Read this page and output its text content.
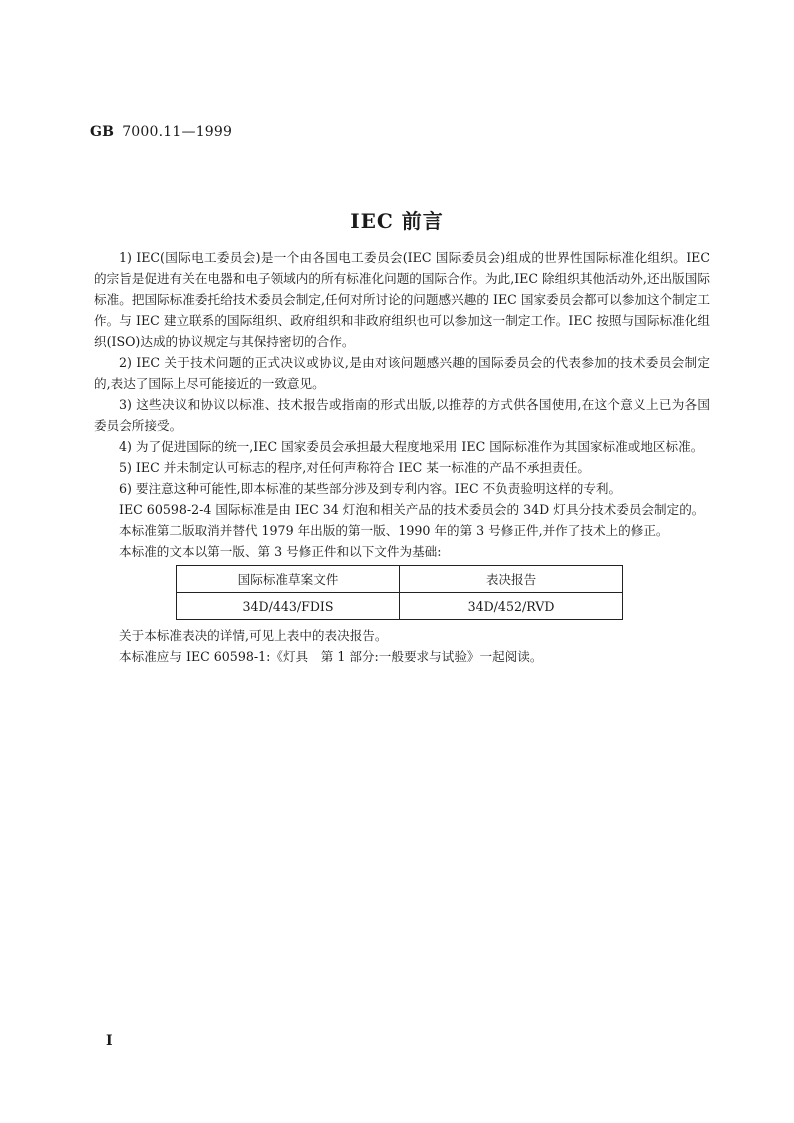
GB 7000.11—1999
IEC 前言

1) IEC(国际电工委员会)是一个由各国电工委员会(IEC 国际委员会)组成的世界性国际标准化组织。IEC 的宗旨是促进有关在电器和电子领域内的所有标准化问题的国际合作。为此,IEC 除组织其他活动外,还出版国际标准。把国际标准委托给技术委员会制定,任何对所讨论的问题感兴趣的 IEC 国家委员会都可以参加这个制定工作。与 IEC 建立联系的国际组织、政府组织和非政府组织也可以参加这一制定工作。IEC 按照与国际标准化组织(ISO)达成的协议规定与其保持密切的合作。

2) IEC 关于技术问题的正式决议或协议,是由对该问题感兴趣的国际委员会的代表参加的技术委员会制定的,表达了国际上尽可能接近的一致意见。

3) 这些决议和协议以标准、技术报告或指南的形式出版,以推荐的方式供各国使用,在这个意义上已为各国委员会所接受。

4) 为了促进国际的统一,IEC 国家委员会承担最大程度地采用 IEC 国际标准作为其国家标准或地区标准。

5) IEC 并未制定认可标志的程序,对任何声称符合 IEC 某一标准的产品不承担责任。

6) 要注意这种可能性,即本标准的某些部分涉及到专利内容。IEC 不负责验明这样的专利。

IEC 60598-2-4 国际标准是由 IEC 34 灯泡和相关产品的技术委员会的 34D 灯具分技术委员会制定的。

本标准第二版取消并替代 1979 年出版的第一版、1990 年的第 3 号修正件,并作了技术上的修正。

本标准的文本以第一版、第 3 号修正件和以下文件为基础:

国际标准草案文件	表决报告
34D/443/FDIS	34D/452/RVD

关于本标准表决的详情,可见上表中的表决报告。

本标准应与 IEC 60598-1:《灯具　第 1 部分:一般要求与试验》一起阅读。

I
